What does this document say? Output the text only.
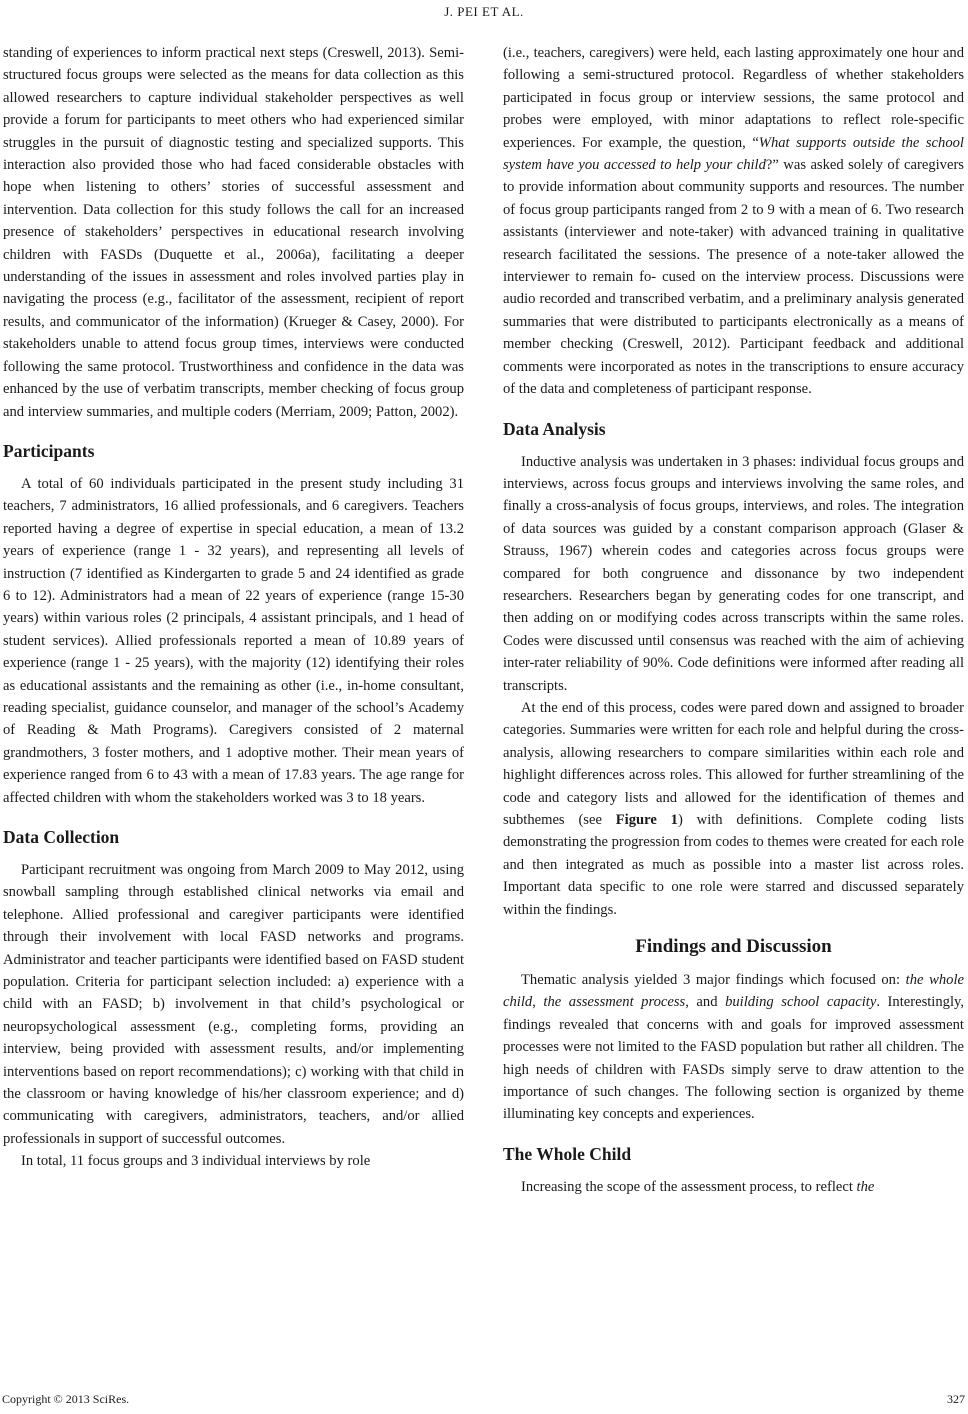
J. PEI ET AL.

standing of experiences to inform practical next steps (Creswell, 2013). Semi-structured focus groups were selected as the means for data collection as this allowed researchers to capture individual stakeholder perspectives as well provide a forum for participants to meet others who had experienced similar struggles in the pursuit of diagnostic testing and specialized supports. This interaction also provided those who had faced considerable obstacles with hope when listening to others’ stories of successful assessment and intervention. Data collection for this study follows the call for an increased presence of stakeholders’ perspectives in educational research involving children with FASDs (Duquette et al., 2006a), facilitating a deeper understanding of the issues in assessment and roles involved parties play in navigating the process (e.g., facilitator of the assessment, recipient of report results, and communicator of the information) (Krueger & Casey, 2000). For stakeholders unable to attend focus group times, interviews were conducted following the same protocol. Trustworthiness and confidence in the data was enhanced by the use of verbatim transcripts, member checking of focus group and interview summaries, and multiple coders (Merriam, 2009; Patton, 2002).

Participants

A total of 60 individuals participated in the present study including 31 teachers, 7 administrators, 16 allied professionals, and 6 caregivers. Teachers reported having a degree of expertise in special education, a mean of 13.2 years of experience (range 1 - 32 years), and representing all levels of instruction (7 identified as Kindergarten to grade 5 and 24 identified as grade 6 to 12). Administrators had a mean of 22 years of experience (range 15-30 years) within various roles (2 principals, 4 assistant principals, and 1 head of student services). Allied professionals reported a mean of 10.89 years of experience (range 1 - 25 years), with the majority (12) identifying their roles as educational assistants and the remaining as other (i.e., in-home consultant, reading specialist, guidance counselor, and manager of the school’s Academy of Reading & Math Programs). Caregivers consisted of 2 maternal grandmothers, 3 foster mothers, and 1 adoptive mother. Their mean years of experience ranged from 6 to 43 with a mean of 17.83 years. The age range for affected children with whom the stakeholders worked was 3 to 18 years.

Data Collection

Participant recruitment was ongoing from March 2009 to May 2012, using snowball sampling through established clinical networks via email and telephone. Allied professional and caregiver participants were identified through their involvement with local FASD networks and programs. Administrator and teacher participants were identified based on FASD student population. Criteria for participant selection included: a) experience with a child with an FASD; b) involvement in that child’s psychological or neuropsychological assessment (e.g., completing forms, providing an interview, being provided with assessment results, and/or implementing interventions based on report recommendations); c) working with that child in the classroom or having knowledge of his/her classroom experience; and d) communicating with caregivers, administrators, teachers, and/or allied professionals in support of successful outcomes.

In total, 11 focus groups and 3 individual interviews by role

(i.e., teachers, caregivers) were held, each lasting approximately one hour and following a semi-structured protocol. Regardless of whether stakeholders participated in focus group or interview sessions, the same protocol and probes were employed, with minor adaptations to reflect role-specific experiences. For example, the question, “What supports outside the school system have you accessed to help your child?” was asked solely of caregivers to provide information about community supports and resources. The number of focus group participants ranged from 2 to 9 with a mean of 6. Two research assistants (interviewer and note-taker) with advanced training in qualitative research facilitated the sessions. The presence of a note-taker allowed the interviewer to remain fo- cused on the interview process. Discussions were audio recorded and transcribed verbatim, and a preliminary analysis generated summaries that were distributed to participants electronically as a means of member checking (Creswell, 2012). Participant feedback and additional comments were incorporated as notes in the transcriptions to ensure accuracy of the data and completeness of participant response.

Data Analysis

Inductive analysis was undertaken in 3 phases: individual focus groups and interviews, across focus groups and interviews involving the same roles, and finally a cross-analysis of focus groups, interviews, and roles. The integration of data sources was guided by a constant comparison approach (Glaser & Strauss, 1967) wherein codes and categories across focus groups were compared for both congruence and dissonance by two independent researchers. Researchers began by generating codes for one transcript, and then adding on or modifying codes across transcripts within the same roles. Codes were discussed until consensus was reached with the aim of achieving inter-rater reliability of 90%. Code definitions were informed after reading all transcripts.

At the end of this process, codes were pared down and assigned to broader categories. Summaries were written for each role and helpful during the cross-analysis, allowing researchers to compare similarities within each role and highlight differences across roles. This allowed for further streamlining of the code and category lists and allowed for the identification of themes and subthemes (see Figure 1) with definitions. Complete coding lists demonstrating the progression from codes to themes were created for each role and then integrated as much as possible into a master list across roles. Important data specific to one role were starred and discussed separately within the findings.

Findings and Discussion

Thematic analysis yielded 3 major findings which focused on: the whole child, the assessment process, and building school capacity. Interestingly, findings revealed that concerns with and goals for improved assessment processes were not limited to the FASD population but rather all children. The high needs of children with FASDs simply serve to draw attention to the importance of such changes. The following section is organized by theme illuminating key concepts and experiences.

The Whole Child

Increasing the scope of the assessment process, to reflect the

Copyright © 2013 SciRes.	327
